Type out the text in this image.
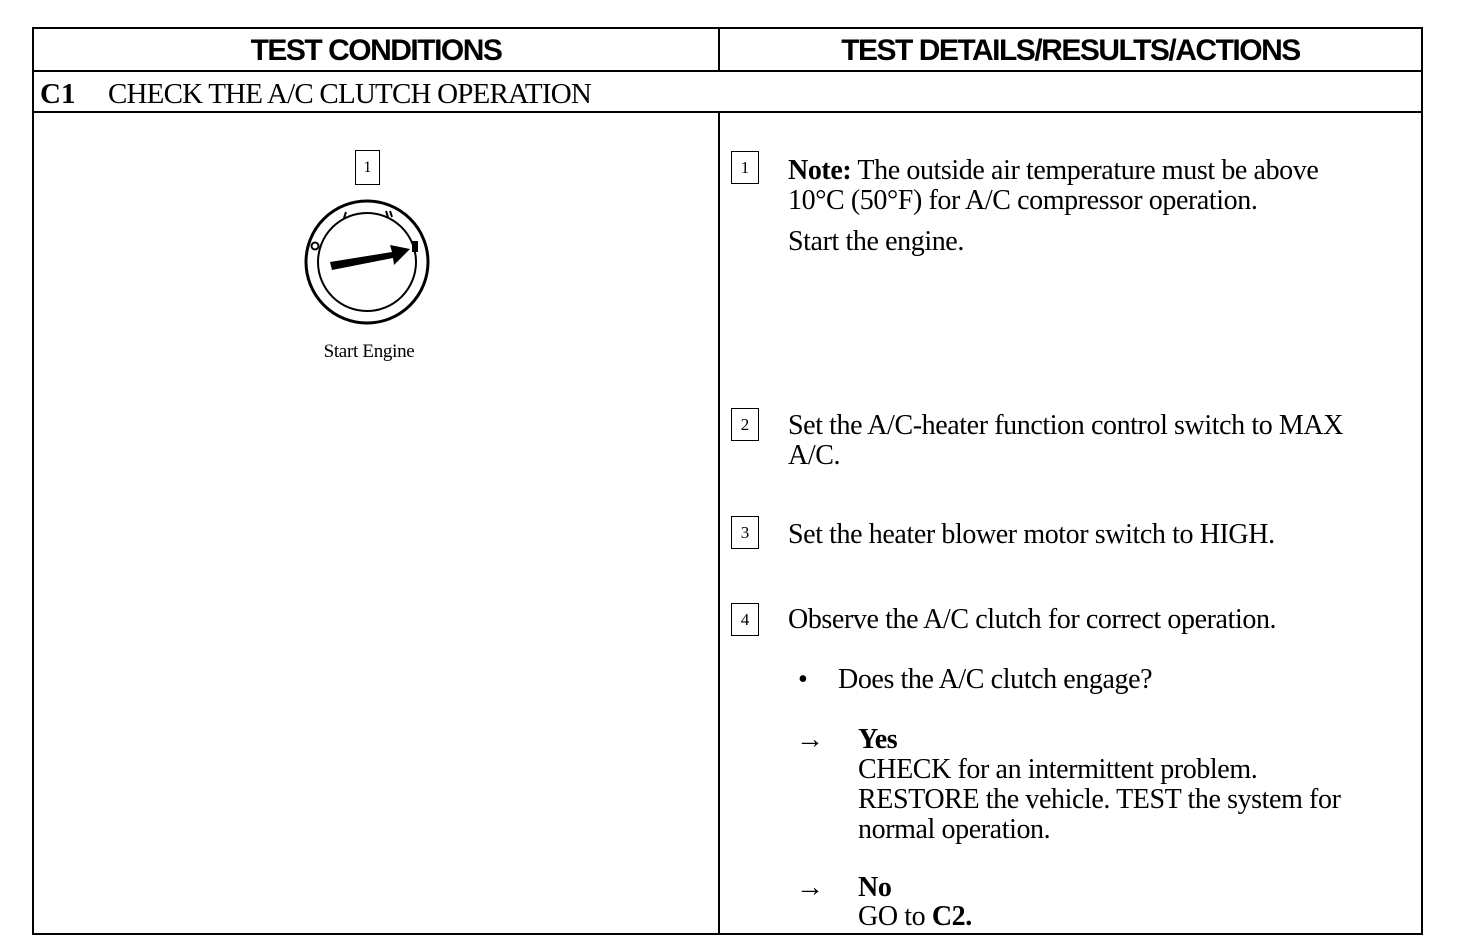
TEST CONDITIONS	TEST DETAILS/RESULTS/ACTIONS
C1 CHECK THE A/C CLUTCH OPERATION
1
Start Engine
1	Note: The outside air temperature must be above
10°C (50°F) for A/C compressor operation.
Start the engine.
2	Set the A/C-heater function control switch to MAX
A/C.
3	Set the heater blower motor switch to HIGH.
4	Observe the A/C clutch for correct operation.
• Does the A/C clutch engage?
→ Yes
CHECK for an intermittent problem.
RESTORE the vehicle. TEST the system for
normal operation.
→ No
GO to C2.
